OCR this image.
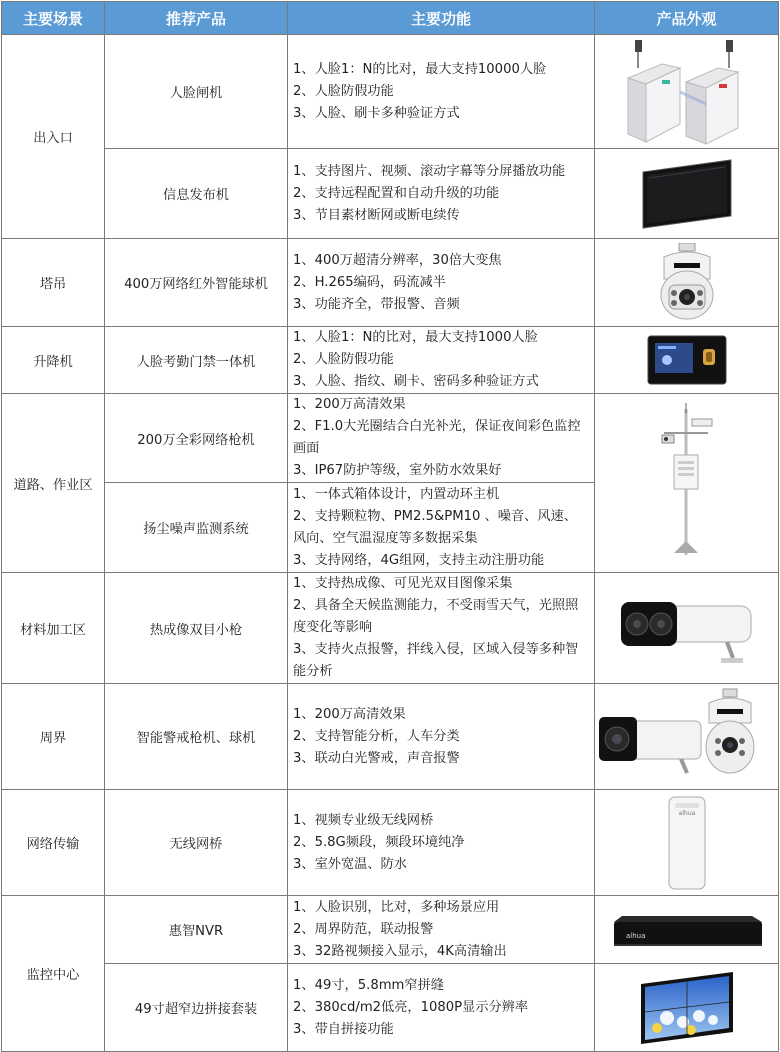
主要场景	推荐产品	主要功能	产品外观
出入口	人脸闸机	1、人脸1：N的比对，最大支持10000人脸
2、人脸防假功能
3、人脸、刷卡多种验证方式

	信息发布机	1、支持图片、视频、滚动字幕等分屏播放功能
2、支持远程配置和自动升级的功能
3、节目素材断网或断电续传

塔吊	400万网络红外智能球机	1、400万超清分辨率，30倍大变焦
2、H.265编码，码流减半
3、功能齐全，带报警、音频

升降机	人脸考勤门禁一体机	1、人脸1：N的比对，最大支持1000人脸
2、人脸防假功能
3、人脸、指纹、刷卡、密码多种验证方式

道路、作业区	200万全彩网络枪机	1、200万高清效果
2、F1.0大光圈结合白光补光，保证夜间彩色监控画面
3、IP67防护等级，室外防水效果好

	扬尘噪声监测系统	1、一体式箱体设计，内置动环主机
2、支持颗粒物、PM2.5&PM10 、噪音、风速、风向、空气温湿度等多数据采集
3、支持网络，4G组网，支持主动注册功能	

材料加工区	热成像双目小枪	1、支持热成像、可见光双目图像采集
2、具备全天候监测能力，不受雨雪天气，光照照度变化等影响
3、支持火点报警，拌线入侵，区域入侵等多种智能分析

周界	智能警戒枪机、球机	1、200万高清效果
2、支持智能分析，人车分类
3、联动白光警戒，声音报警

网络传输	无线网桥	1、视频专业级无线网桥
2、5.8G频段，频段环境纯净
3、室外宽温、防水	alhua

监控中心	惠智NVR	1、人脸识别，比对，多种场景应用
2、周界防范，联动报警
3、32路视频接入显示，4K高清输出	alhua

	49寸超窄边拼接套装	1、49寸，5.8mm窄拼缝
2、380cd/m2低亮，1080P显示分辨率
3、带自拼接功能
